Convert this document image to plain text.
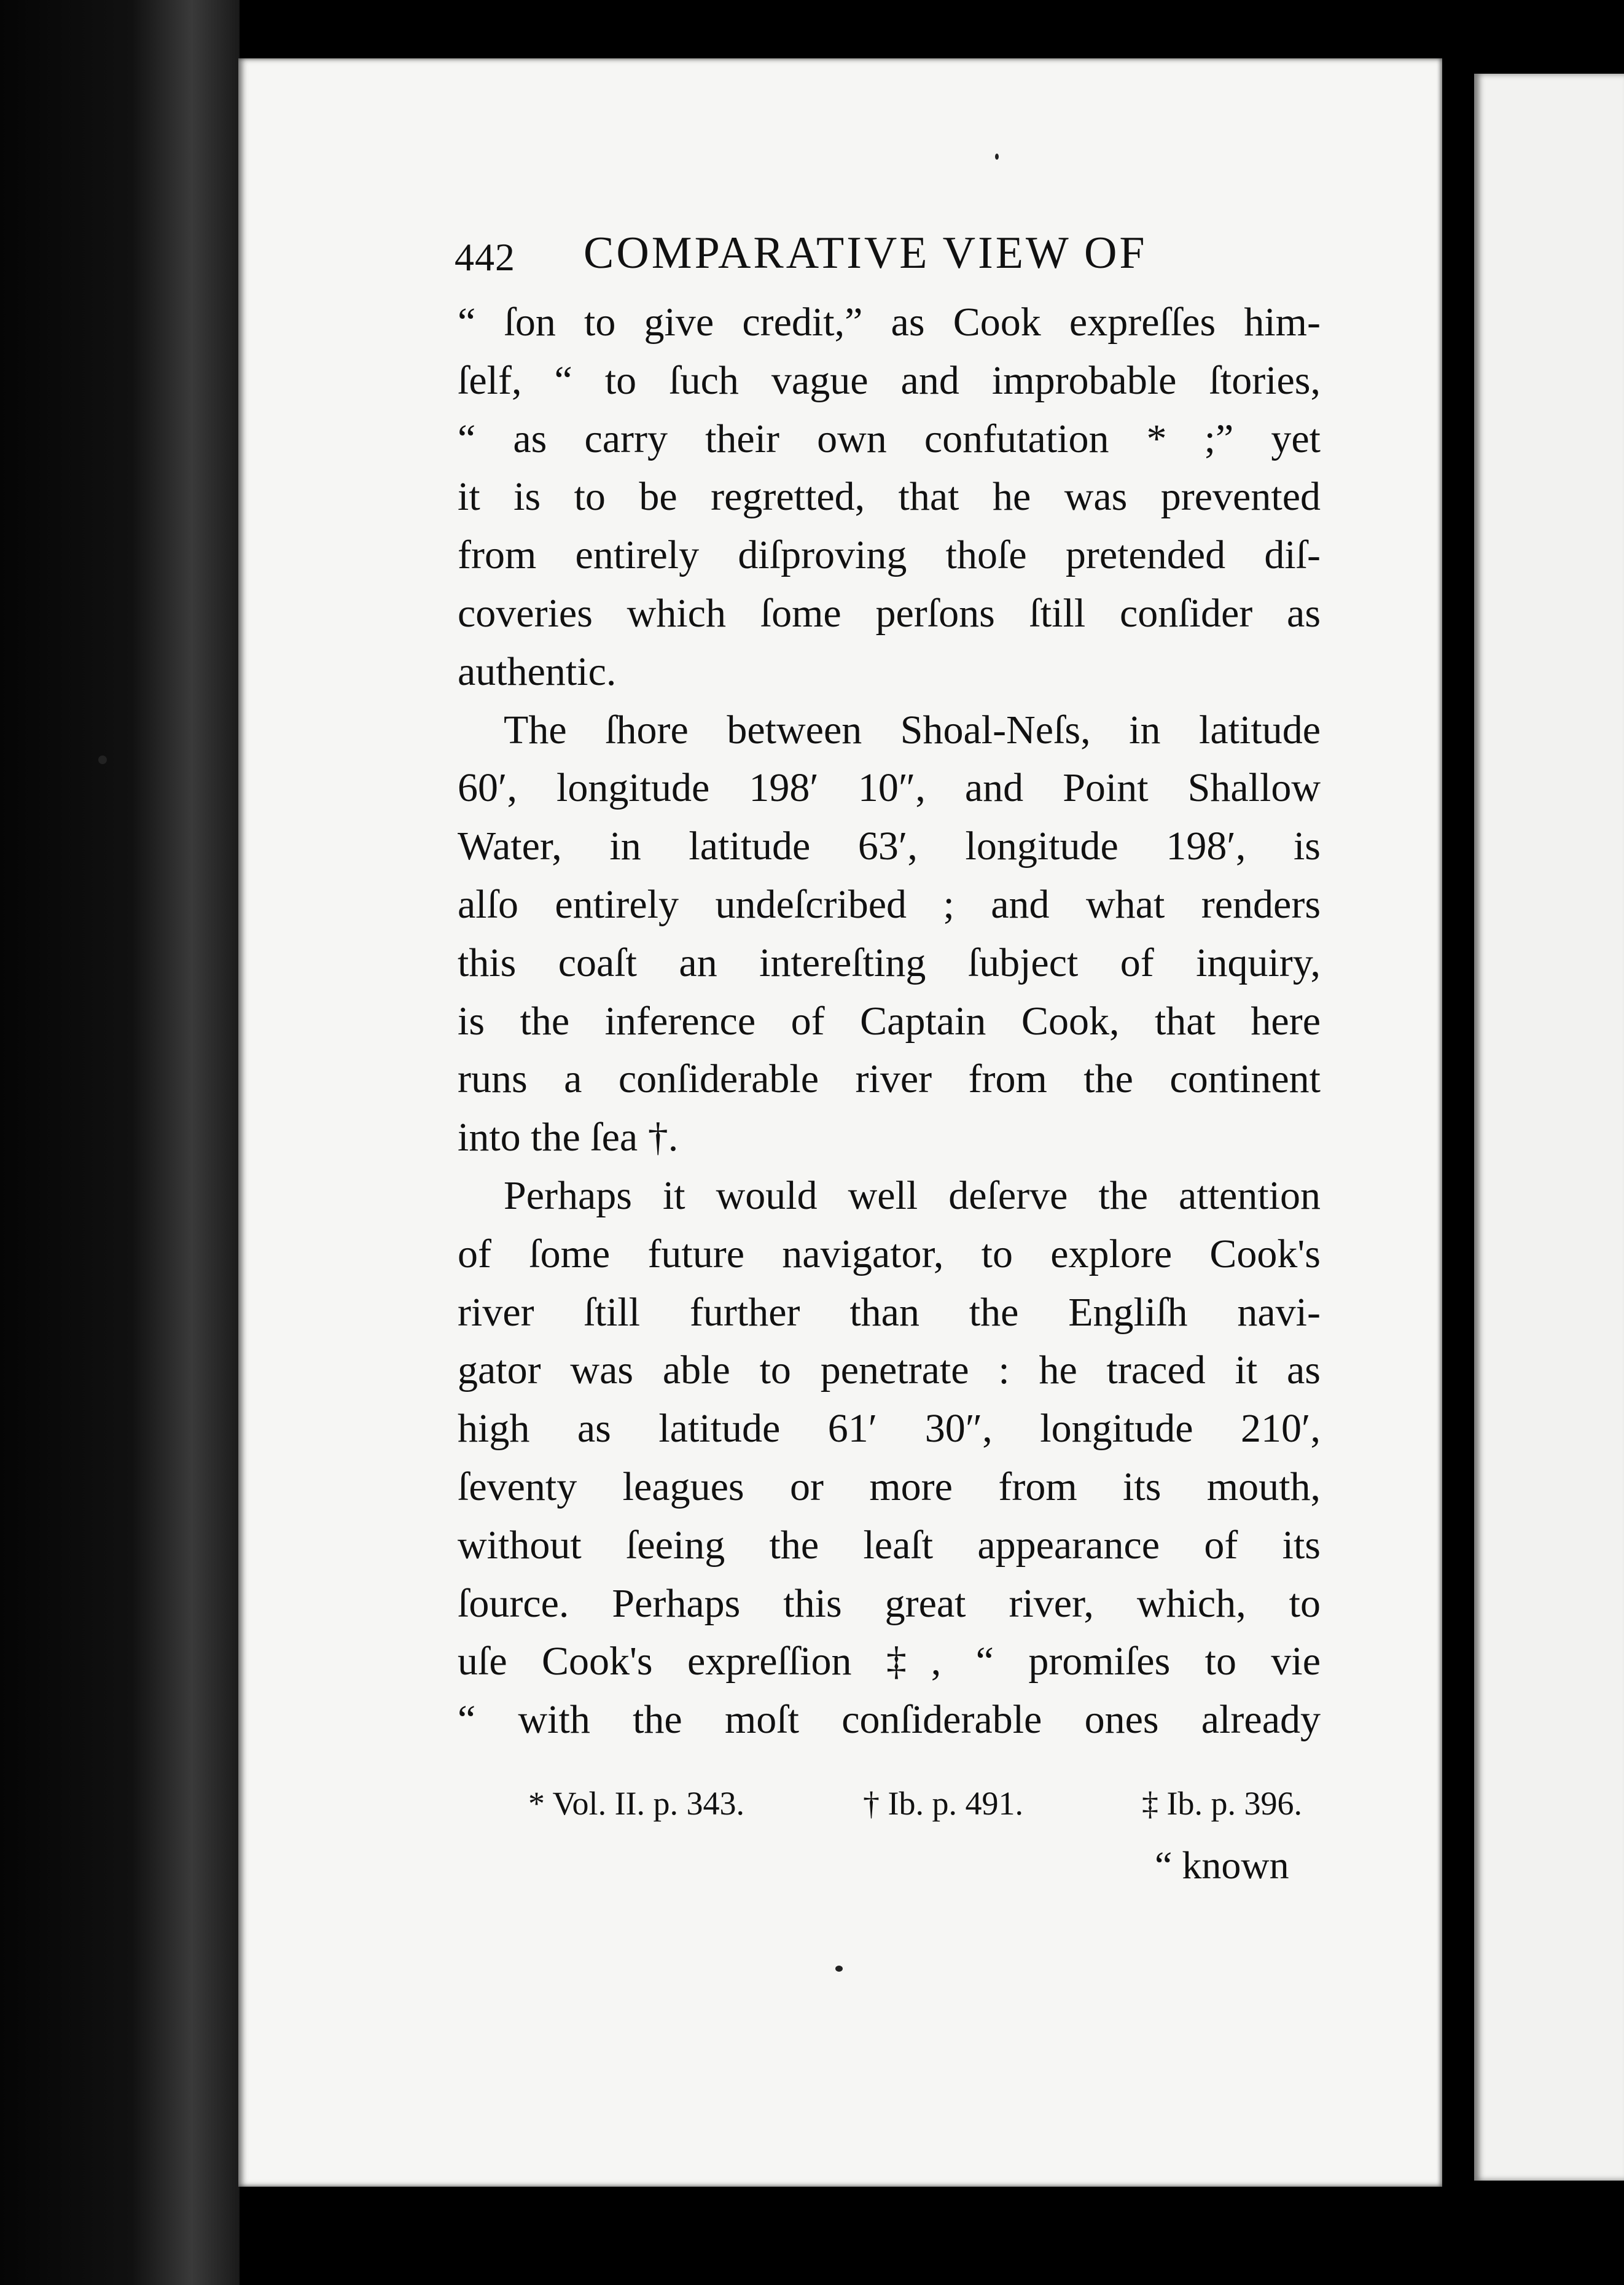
442 COMPARATIVE VIEW OF
“ ſon to give credit,” as Cook expreſſes him-
ſelf, “ to ſuch vague and improbable ſtories,
“ as carry their own confutation * ;” yet
it is to be regretted, that he was prevented
from entirely diſproving thoſe pretended diſ-
coveries which ſome perſons ſtill conſider as
authentic.
The ſhore between Shoal-Neſs, in latitude
60′, longitude 198′ 10″, and Point Shallow
Water, in latitude 63′, longitude 198′, is
alſo entirely undeſcribed ; and what renders
this coaſt an intereſting ſubject of inquiry,
is the inference of Captain Cook, that here
runs a conſiderable river from the continent
into the ſea †.
Perhaps it would well deſerve the attention
of ſome future navigator, to explore Cook's
river ſtill further than the Engliſh navi-
gator was able to penetrate : he traced it as
high as latitude 61′ 30″, longitude 210′,
ſeventy leagues or more from its mouth,
without ſeeing the leaſt appearance of its
ſource. Perhaps this great river, which, to
uſe Cook's expreſſion ‡, “ promiſes to vie
“ with the moſt conſiderable ones already
* Vol. II. p. 343.	† Ib. p. 491.	‡ Ib. p. 396.
“ known
